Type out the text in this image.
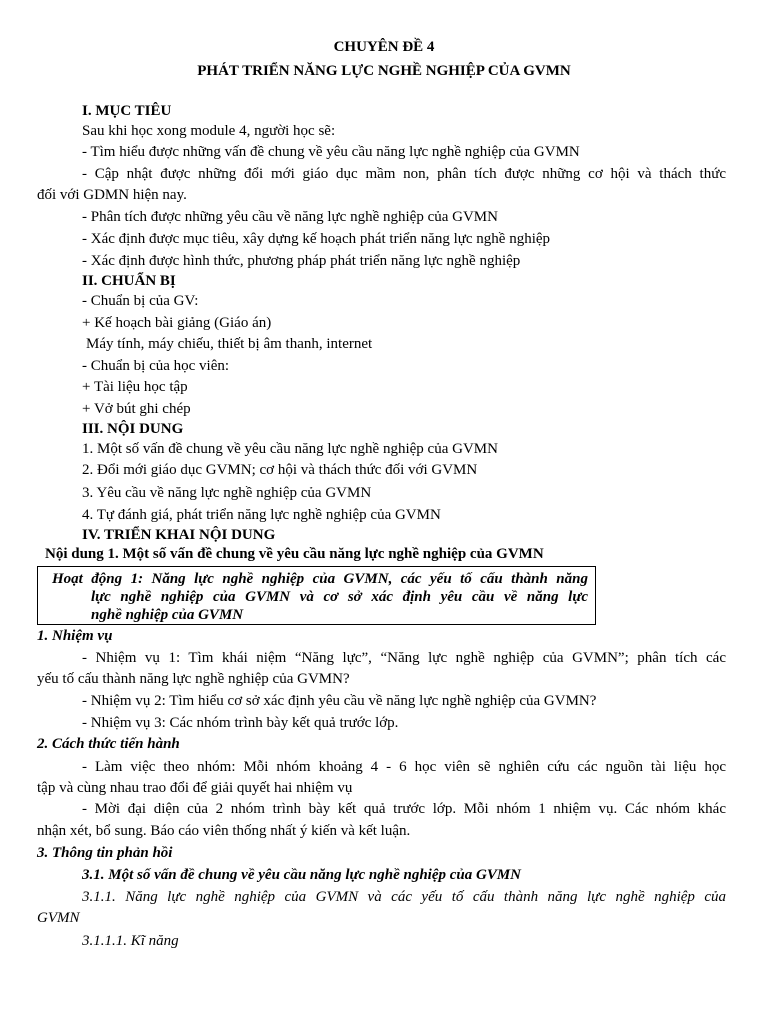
CHUYÊN ĐỀ 4
PHÁT TRIỂN NĂNG LỰC NGHỀ NGHIỆP CỦA GVMN
I. MỤC TIÊU
Sau khi học xong module 4, người học sẽ:
- Tìm hiểu được những vấn đề chung về yêu cầu năng lực nghề nghiệp của GVMN
- Cập nhật được những đổi mới giáo dục mầm non, phân tích được những cơ hội và thách thức
đối với GDMN hiện nay.
- Phân tích được những yêu cầu về năng lực nghề nghiệp của GVMN
- Xác định được mục tiêu, xây dựng kế hoạch phát triển năng lực nghề nghiệp
- Xác định được hình thức, phương pháp phát triển năng lực nghề nghiệp
II. CHUẨN BỊ
- Chuẩn bị của GV:
+ Kế hoạch bài giảng (Giáo án)
Máy tính, máy chiếu, thiết bị âm thanh, internet
- Chuẩn bị của học viên:
+ Tài liệu học tập
+ Vở bút ghi chép
III. NỘI DUNG
1. Một số vấn đề chung về yêu cầu năng lực nghề nghiệp của GVMN
2. Đổi mới giáo dục GVMN; cơ hội và thách thức đối với GVMN
3. Yêu cầu về năng lực nghề nghiệp của GVMN
4. Tự đánh giá, phát triển năng lực nghề nghiệp của GVMN
IV. TRIỂN KHAI NỘI DUNG
Nội dung 1. Một số vấn đề chung về yêu cầu năng lực nghề nghiệp của GVMN
Hoạt động 1: Năng lực nghề nghiệp của GVMN, các yếu tố cấu thành năng
lực nghề nghiệp của GVMN và cơ sở xác định yêu cầu về năng lực
nghề nghiệp của GVMN
1. Nhiệm vụ
- Nhiệm vụ 1: Tìm khái niệm “Năng lực”, “Năng lực nghề nghiệp của GVMN”; phân tích các
yếu tố cấu thành năng lực nghề nghiệp của GVMN?
- Nhiệm vụ 2: Tìm hiểu cơ sở xác định yêu cầu về năng lực nghề nghiệp của GVMN?
- Nhiệm vụ 3: Các nhóm trình bày kết quả trước lớp.
2. Cách thức tiến hành
- Làm việc theo nhóm: Mỗi nhóm khoảng 4 - 6 học viên sẽ nghiên cứu các nguồn tài liệu học
tập và cùng nhau trao đổi để giải quyết hai nhiệm vụ
- Mời đại diện của 2 nhóm trình bày kết quả trước lớp. Mỗi nhóm 1 nhiệm vụ. Các nhóm khác
nhận xét, bổ sung. Báo cáo viên thống nhất ý kiến và kết luận.
3. Thông tin phản hồi
3.1. Một số vấn đề chung về yêu cầu năng lực nghề nghiệp của GVMN
3.1.1. Năng lực nghề nghiệp của GVMN và các yếu tố cấu thành năng lực nghề nghiệp của
GVMN
3.1.1.1. Kĩ năng
